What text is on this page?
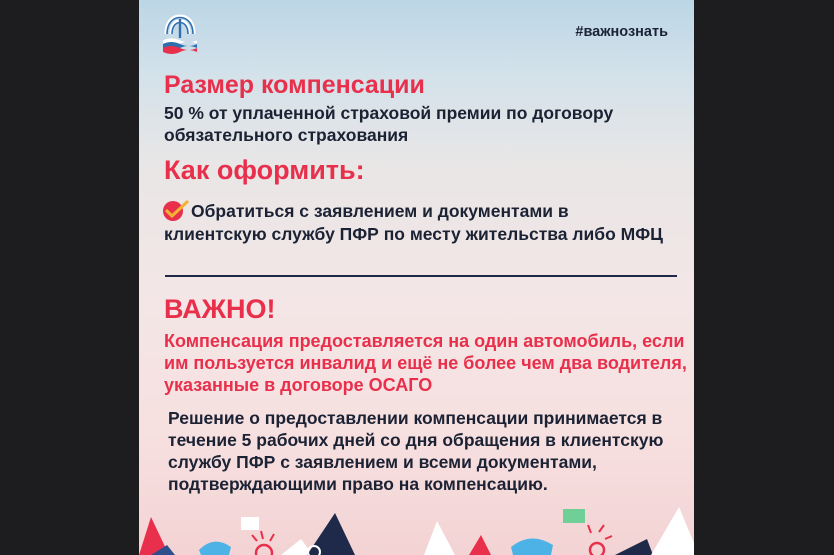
#важнознать
Размер компенсации
50 % от уплаченной страховой премии по договору обязательного страхования
Как оформить:
Обратиться с заявлением и документами в клиентскую службу ПФР по месту жительства либо МФЦ
ВАЖНО!
Компенсация предоставляется на один автомобиль, если им пользуется инвалид и ещё не более чем два водителя, указанные в договоре ОСАГО
Решение о предоставлении компенсации принимается в течение 5 рабочих дней со дня обращения в клиентскую службу ПФР с заявлением и всеми документами, подтверждающими право на компенсацию.
